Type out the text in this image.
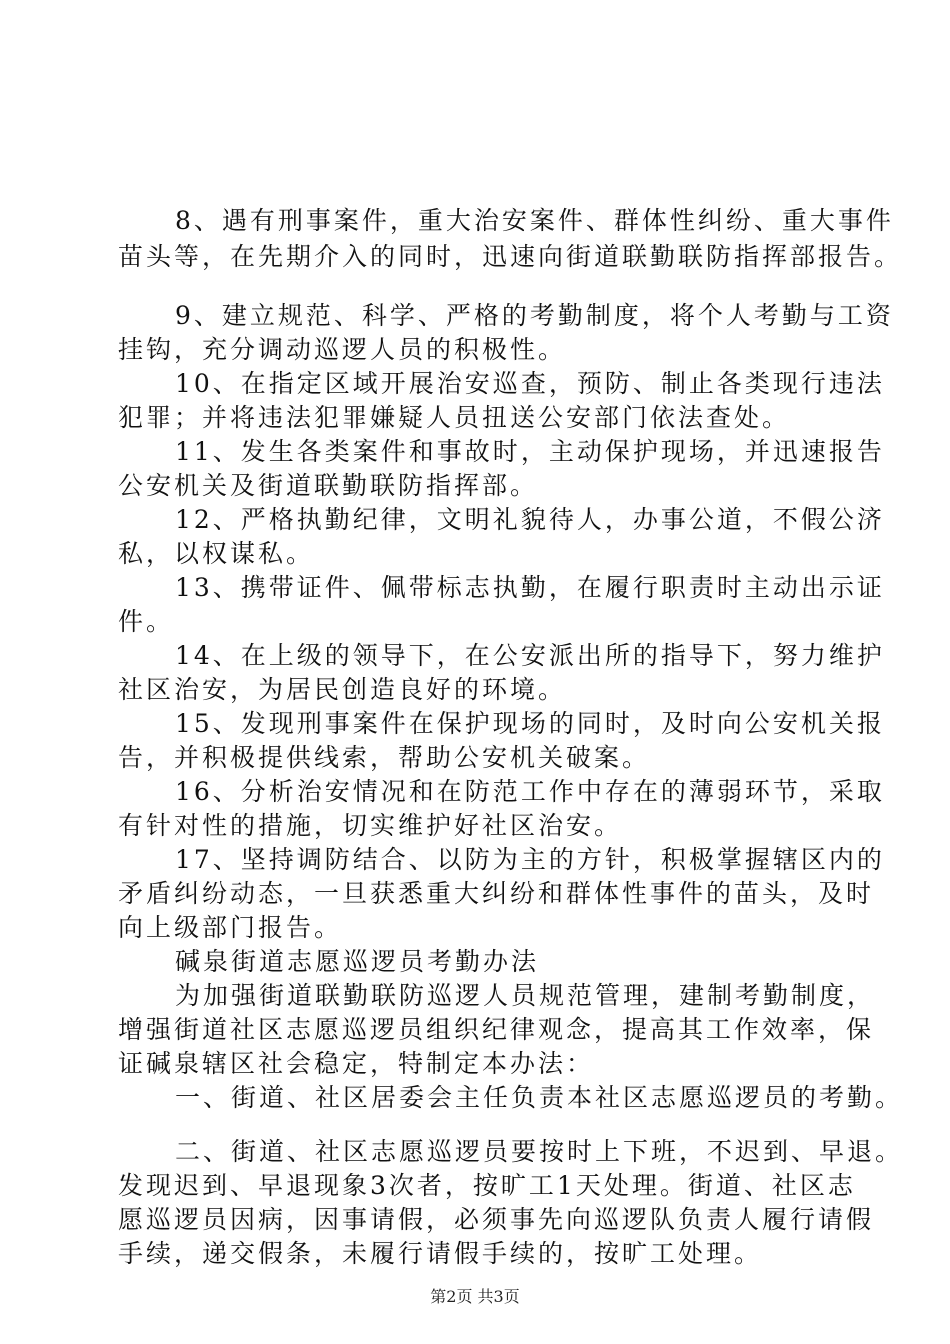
8、遇有刑事案件，重大治安案件、群体性纠纷、重大事件
苗头等，在先期介入的同时，迅速向街道联勤联防指挥部报告。
9、建立规范、科学、严格的考勤制度，将个人考勤与工资
挂钩，充分调动巡逻人员的积极性。
10、在指定区域开展治安巡查，预防、制止各类现行违法
犯罪；并将违法犯罪嫌疑人员扭送公安部门依法查处。
11、发生各类案件和事故时，主动保护现场，并迅速报告
公安机关及街道联勤联防指挥部。
12、严格执勤纪律，文明礼貌待人，办事公道，不假公济
私，以权谋私。
13、携带证件、佩带标志执勤，在履行职责时主动出示证
件。
14、在上级的领导下，在公安派出所的指导下，努力维护
社区治安，为居民创造良好的环境。
15、发现刑事案件在保护现场的同时，及时向公安机关报
告，并积极提供线索，帮助公安机关破案。
16、分析治安情况和在防范工作中存在的薄弱环节，采取
有针对性的措施，切实维护好社区治安。
17、坚持调防结合、以防为主的方针，积极掌握辖区内的
矛盾纠纷动态，一旦获悉重大纠纷和群体性事件的苗头，及时
向上级部门报告。
碱泉街道志愿巡逻员考勤办法
为加强街道联勤联防巡逻人员规范管理，建制考勤制度，
增强街道社区志愿巡逻员组织纪律观念，提高其工作效率，保
证碱泉辖区社会稳定，特制定本办法：
一、街道、社区居委会主任负责本社区志愿巡逻员的考勤。
二、街道、社区志愿巡逻员要按时上下班，不迟到、早退。
发现迟到、早退现象3次者，按旷工1天处理。街道、社区志
愿巡逻员因病，因事请假，必须事先向巡逻队负责人履行请假
手续，递交假条，未履行请假手续的，按旷工处理。
第2页 共3页
